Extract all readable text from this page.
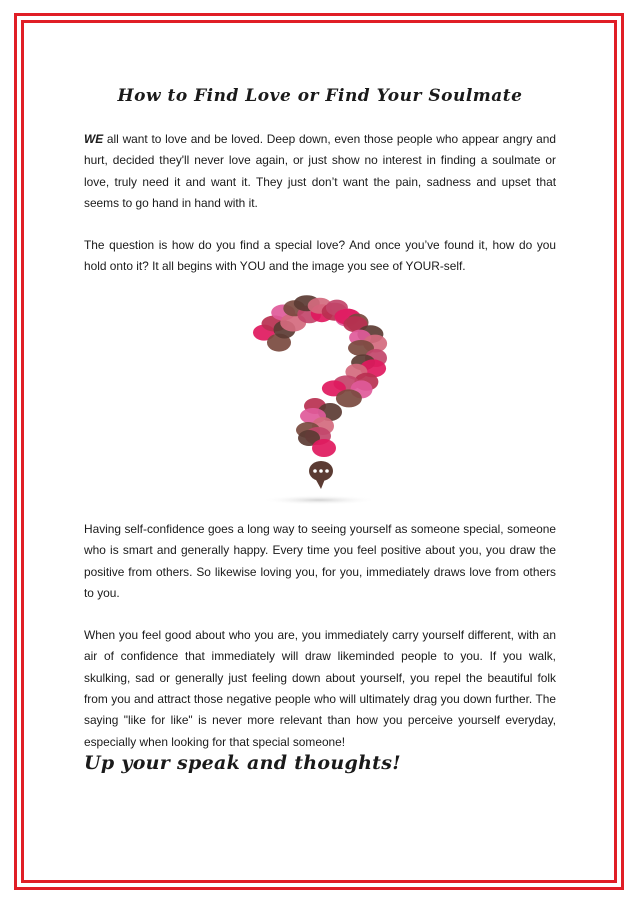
How to Find Love or Find Your Soulmate

WE all want to love and be loved. Deep down, even those people who appear angry and hurt, decided they'll never love again, or just show no interest in finding a soulmate or love, truly need it and want it. They just don’t want the pain, sadness and upset that seems to go hand in hand with it.

The question is how do you find a special love? And once you’ve found it, how do you hold onto it? It all begins with YOU and the image you see of YOUR-self.

Having self-confidence goes a long way to seeing yourself as someone special, someone who is smart and generally happy. Every time you feel positive about you, you draw the positive from others. So likewise loving you, for you, immediately draws love from others to you.

When you feel good about who you are, you immediately carry yourself different, with an air of confidence that immediately will draw likeminded people to you. If you walk, skulking, sad or generally just feeling down about yourself, you repel the beautiful folk from you and attract those negative people who will ultimately drag you down further. The saying "like for like" is never more relevant than how you perceive yourself everyday, especially when looking for that special someone!

Up your speak and thoughts!
